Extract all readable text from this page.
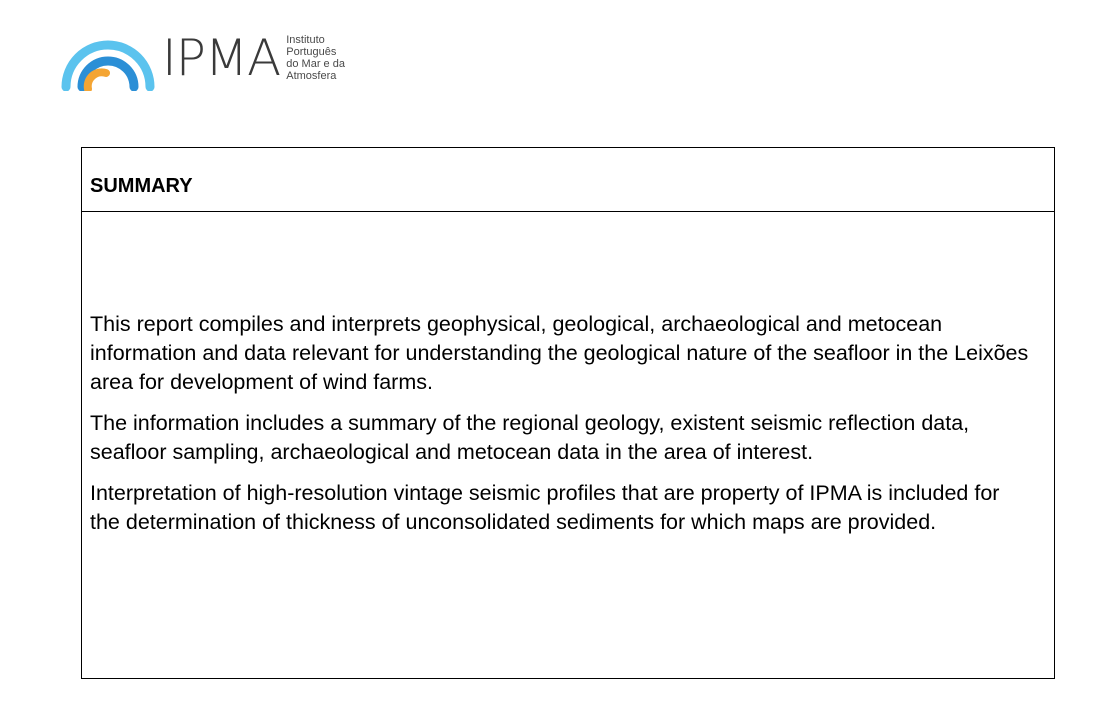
IPMA Instituto
Português
do Mar e da
Atmosfera
SUMMARY

This report compiles and interprets geophysical, geological, archaeological and metocean information and data relevant for understanding the geological nature of the seafloor in the Leixões area for development of wind farms.

The information includes a summary of the regional geology, existent seismic reflection data, seafloor sampling, archaeological and metocean data in the area of interest.

Interpretation of high-resolution vintage seismic profiles that are property of IPMA is included for the determination of thickness of unconsolidated sediments for which maps are provided.
